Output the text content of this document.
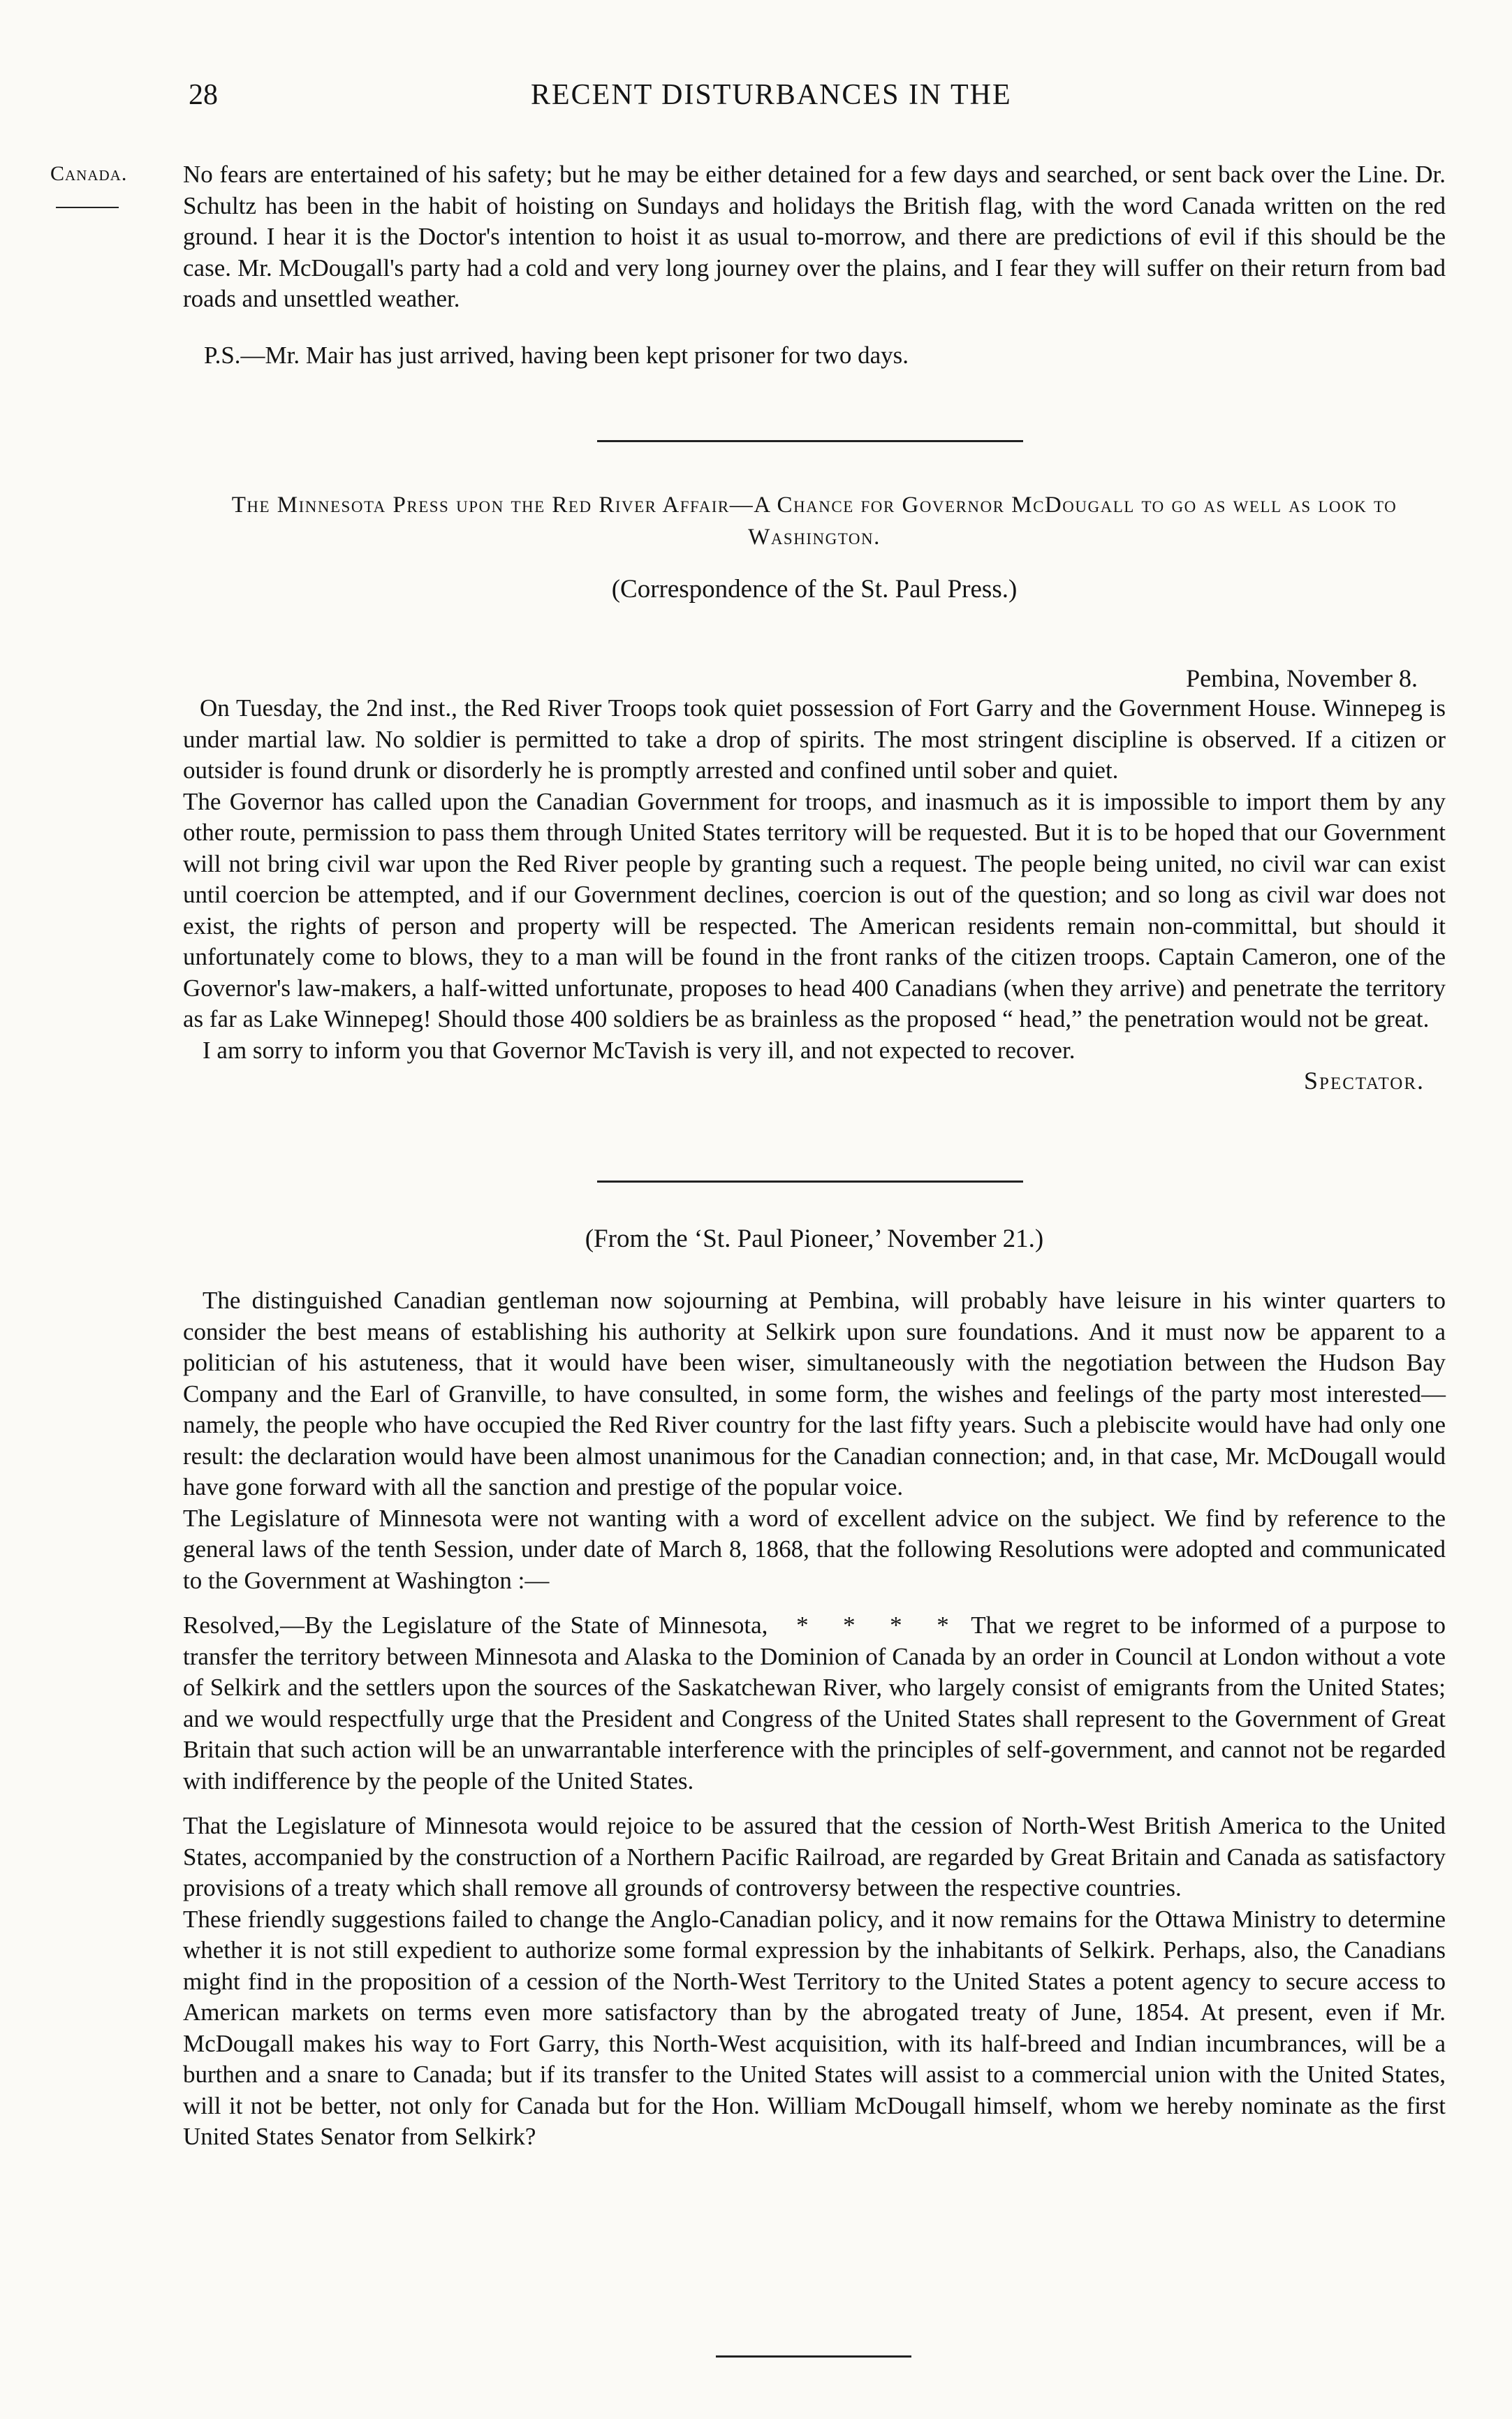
28	RECENT DISTURBANCES IN THE
Canada. No fears are entertained of his safety; but he may be either detained for a few days and searched, or sent back over the Line. Dr. Schultz has been in the habit of hoisting on Sundays and holidays the British flag, with the word Canada written on the red ground. I hear it is the Doctor's intention to hoist it as usual to-morrow, and there are predictions of evil if this should be the case. Mr. McDougall's party had a cold and very long journey over the plains, and I fear they will suffer on their return from bad roads and unsettled weather.

P.S.—Mr. Mair has just arrived, having been kept prisoner for two days.

The Minnesota Press upon the Red River Affair—A Chance for Governor McDougall to go as well as look to Washington.
(Correspondence of the St. Paul Press.)
Pembina, November 8.

On Tuesday, the 2nd inst., the Red River Troops took quiet possession of Fort Garry and the Government House. Winnepeg is under martial law. No soldier is permitted to take a drop of spirits. The most stringent discipline is observed. If a citizen or outsider is found drunk or disorderly he is promptly arrested and confined until sober and quiet.

The Governor has called upon the Canadian Government for troops, and inasmuch as it is impossible to import them by any other route, permission to pass them through United States territory will be requested. But it is to be hoped that our Government will not bring civil war upon the Red River people by granting such a request. The people being united, no civil war can exist until coercion be attempted, and if our Government declines, coercion is out of the question; and so long as civil war does not exist, the rights of person and property will be respected. The American residents remain non-committal, but should it unfortunately come to blows, they to a man will be found in the front ranks of the citizen troops. Captain Cameron, one of the Governor's law-makers, a half-witted unfortunate, proposes to head 400 Canadians (when they arrive) and penetrate the territory as far as Lake Winnepeg! Should those 400 soldiers be as brainless as the proposed “ head,” the penetration would not be great.

I am sorry to inform you that Governor McTavish is very ill, and not expected to recover.

Spectator.
(From the ‘St. Paul Pioneer,’ November 21.)

The distinguished Canadian gentleman now sojourning at Pembina, will probably have leisure in his winter quarters to consider the best means of establishing his authority at Selkirk upon sure foundations. And it must now be apparent to a politician of his astuteness, that it would have been wiser, simultaneously with the negotiation between the Hudson Bay Company and the Earl of Granville, to have consulted, in some form, the wishes and feelings of the party most interested—namely, the people who have occupied the Red River country for the last fifty years. Such a plebiscite would have had only one result: the declaration would have been almost unanimous for the Canadian connection; and, in that case, Mr. McDougall would have gone forward with all the sanction and prestige of the popular voice.

The Legislature of Minnesota were not wanting with a word of excellent advice on the subject. We find by reference to the general laws of the tenth Session, under date of March 8, 1868, that the following Resolutions were adopted and communicated to the Government at Washington :—

Resolved,—By the Legislature of the State of Minnesota, * * * * That we regret to be informed of a purpose to transfer the territory between Minnesota and Alaska to the Dominion of Canada by an order in Council at London without a vote of Selkirk and the settlers upon the sources of the Saskatchewan River, who largely consist of emigrants from the United States; and we would respectfully urge that the President and Congress of the United States shall represent to the Government of Great Britain that such action will be an unwarrantable interference with the principles of self-government, and cannot not be regarded with indifference by the people of the United States.

That the Legislature of Minnesota would rejoice to be assured that the cession of North-West British America to the United States, accompanied by the construction of a Northern Pacific Railroad, are regarded by Great Britain and Canada as satisfactory provisions of a treaty which shall remove all grounds of controversy between the respective countries.

These friendly suggestions failed to change the Anglo-Canadian policy, and it now remains for the Ottawa Ministry to determine whether it is not still expedient to authorize some formal expression by the inhabitants of Selkirk. Perhaps, also, the Canadians might find in the proposition of a cession of the North-West Territory to the United States a potent agency to secure access to American markets on terms even more satisfactory than by the abrogated treaty of June, 1854. At present, even if Mr. McDougall makes his way to Fort Garry, this North-West acquisition, with its half-breed and Indian incumbrances, will be a burthen and a snare to Canada; but if its transfer to the United States will assist to a commercial union with the United States, will it not be better, not only for Canada but for the Hon. William McDougall himself, whom we hereby nominate as the first United States Senator from Selkirk?
